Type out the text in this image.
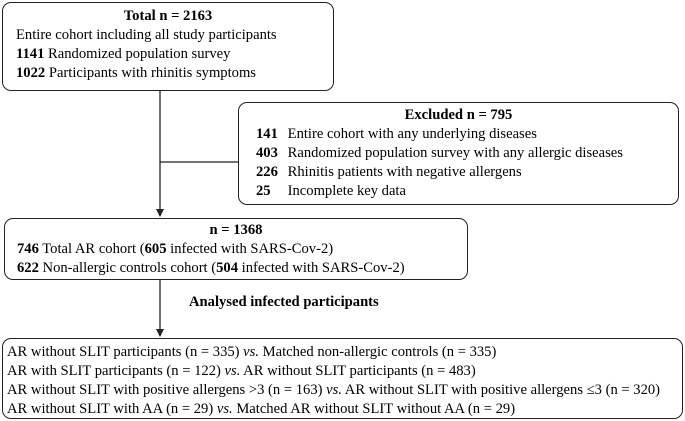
Total n = 2163
Entire cohort including all study participants
1141 Randomized population survey
1022 Participants with rhinitis symptoms
Excluded n = 795
141 Entire cohort with any underlying diseases
403 Randomized population survey with any allergic diseases
226 Rhinitis patients with negative allergens
25 Incomplete key data
n = 1368
746 Total AR cohort (605 infected with SARS-Cov-2)
622 Non-allergic controls cohort (504 infected with SARS-Cov-2)
Analysed infected participants
AR without SLIT participants (n = 335) vs. Matched non-allergic controls (n = 335)
AR with SLIT participants (n = 122) vs. AR without SLIT participants (n = 483)
AR without SLIT with positive allergens >3 (n = 163) vs. AR without SLIT with positive allergens ≤3 (n = 320)
AR without SLIT with AA (n = 29) vs. Matched AR without SLIT without AA (n = 29)
